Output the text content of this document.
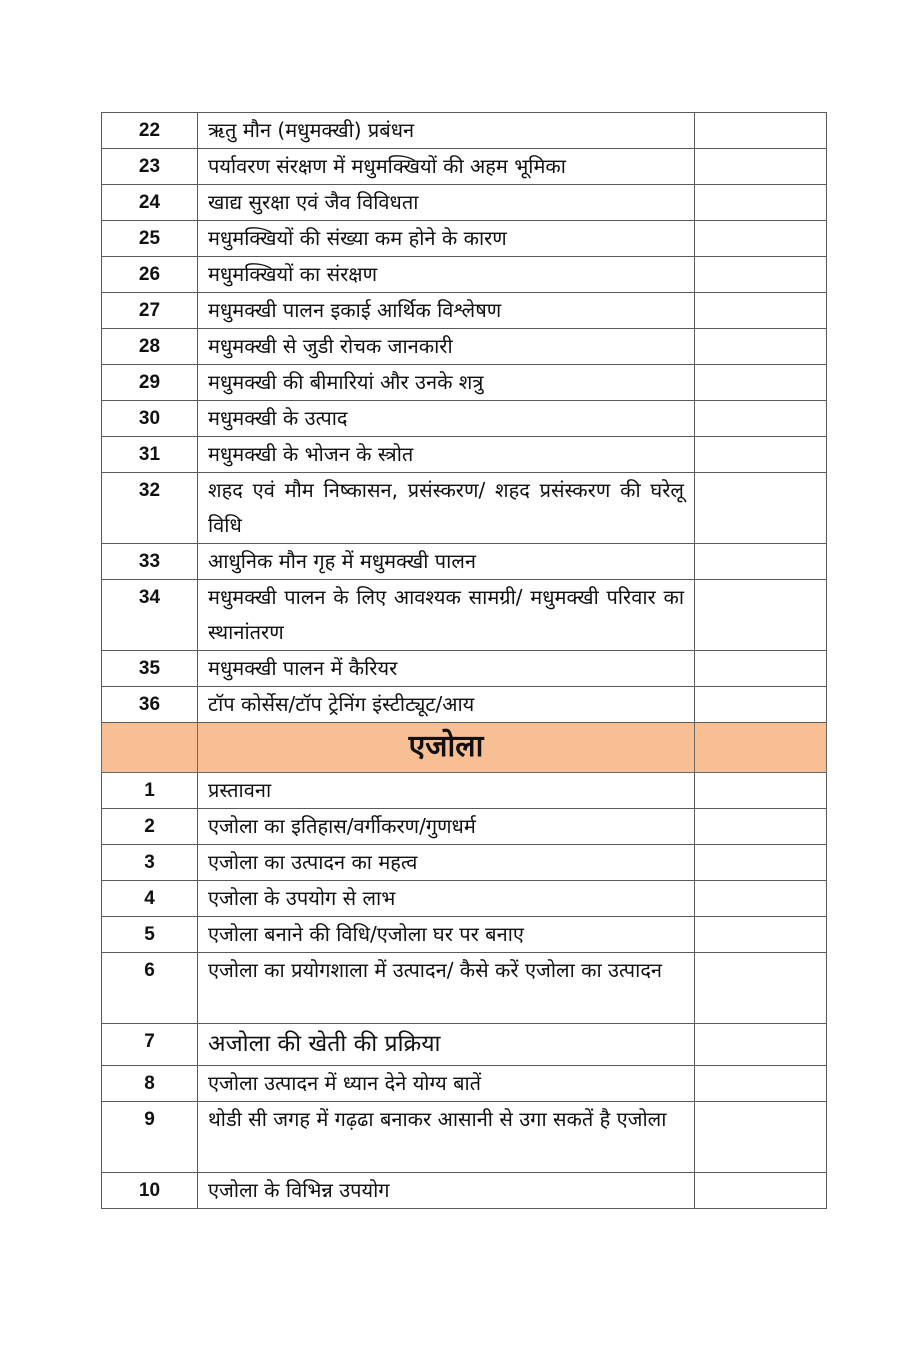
22	ऋतु मौन (मधुमक्खी) प्रबंधन	
23	पर्यावरण संरक्षण में मधुमक्खियों की अहम भूमिका	
24	खाद्य सुरक्षा एवं जैव विविधता	
25	मधुमक्खियों की संख्या कम होने के कारण	
26	मधुमक्खियों का संरक्षण	
27	मधुमक्खी पालन इकाई आर्थिक विश्लेषण	
28	मधुमक्खी से जुडी रोचक जानकारी	
29	मधुमक्खी की बीमारियां और उनके शत्रु	
30	मधुमक्खी के उत्पाद	
31	मधुमक्खी के भोजन के स्त्रोत	
32	शहद एवं मौम निष्कासन, प्रसंस्करण/ शहद प्रसंस्करण की घरेलू विधि	
33	आधुनिक मौन गृह में मधुमक्खी पालन	
34	मधुमक्खी पालन के लिए आवश्यक सामग्री/ मधुमक्खी परिवार का स्थानांतरण	
35	मधुमक्खी पालन में कैरियर	
36	टॉप कोर्सेस/टॉप ट्रेनिंग इंस्टीट्यूट/आय	
	एजोला	
1	प्रस्तावना	
2	एजोला का इतिहास/वर्गीकरण/गुणधर्म	
3	एजोला का उत्पादन का महत्व	
4	एजोला के उपयोग से लाभ	
5	एजोला बनाने की विधि/एजोला घर पर बनाए	
6	एजोला का प्रयोगशाला में उत्पादन/ कैसे करें एजोला का उत्पादन	
7	अजोला की खेती की प्रक्रिया	
8	एजोला उत्पादन में ध्यान देने योग्य बातें	
9	थोडी सी जगह में गढ़ढा बनाकर आसानी से उगा सकतें है एजोला	
10	एजोला के विभिन्न उपयोग	
